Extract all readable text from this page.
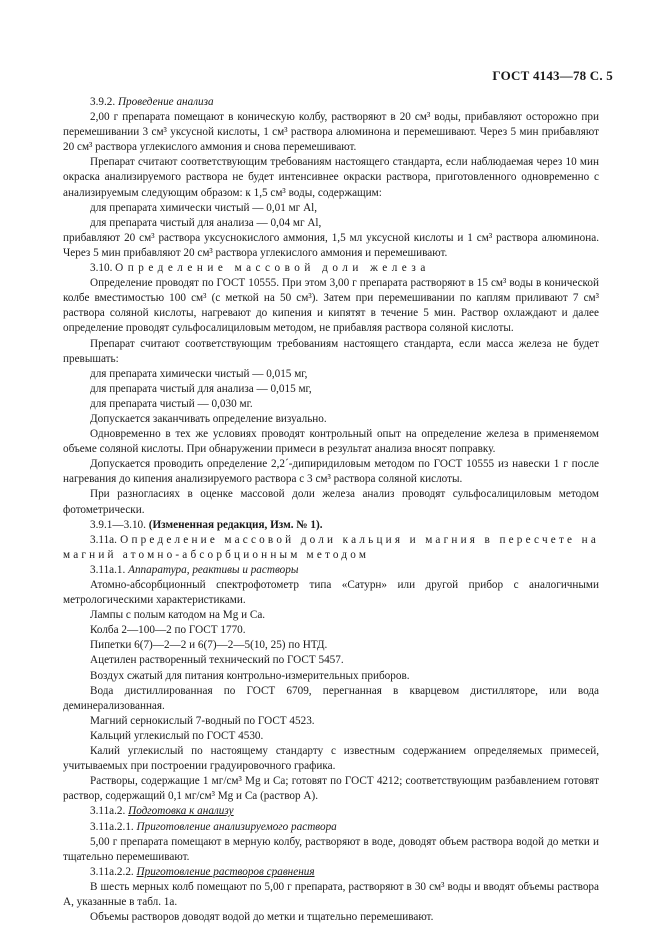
ГОСТ 4143—78 С. 5

3.9.2. Проведение анализа

2,00 г препарата помещают в коническую колбу, растворяют в 20 см³ воды, прибавляют осторожно при перемешивании 3 см³ уксусной кислоты, 1 см³ раствора алюминона и перемешивают. Через 5 мин прибавляют 20 см³ раствора углекислого аммония и снова перемешивают.

Препарат считают соответствующим требованиям настоящего стандарта, если наблюдаемая через 10 мин окраска анализируемого раствора не будет интенсивнее окраски раствора, приготовленного одновременно с анализируемым следующим образом: к 1,5 см³ воды, содержащим:

для препарата химически чистый — 0,01 мг Al,

для препарата чистый для анализа — 0,04 мг Al,

прибавляют 20 см³ раствора уксуснокислого аммония, 1,5 мл уксусной кислоты и 1 см³ раствора алюминона. Через 5 мин прибавляют 20 см³ раствора углекислого аммония и перемешивают.

3.10. Определение массовой доли железа

Определение проводят по ГОСТ 10555. При этом 3,00 г препарата растворяют в 15 см³ воды в конической колбе вместимостью 100 см³ (с меткой на 50 см³). Затем при перемешивании по каплям приливают 7 см³ раствора соляной кислоты, нагревают до кипения и кипятят в течение 5 мин. Раствор охлаждают и далее определение проводят сульфосалициловым методом, не прибавляя раствора соляной кислоты.

Препарат считают соответствующим требованиям настоящего стандарта, если масса железа не будет превышать:

для препарата химически чистый — 0,015 мг,

для препарата чистый для анализа — 0,015 мг,

для препарата чистый — 0,030 мг.

Допускается заканчивать определение визуально.

Одновременно в тех же условиях проводят контрольный опыт на определение железа в применяемом объеме соляной кислоты. При обнаружении примеси в результат анализа вносят поправку.

Допускается проводить определение 2,2´-дипиридиловым методом по ГОСТ 10555 из навески 1 г после нагревания до кипения анализируемого раствора с 3 см³ раствора соляной кислоты.

При разногласиях в оценке массовой доли железа анализ проводят сульфосалициловым методом фотометрически.

3.9.1—3.10. (Измененная редакция, Изм. № 1).

3.11а. Определение массовой доли кальция и магния в пересчете на магний атомно-абсорбционным методом

3.11а.1. Аппаратура, реактивы и растворы

Атомно-абсорбционный спектрофотометр типа «Сатурн» или другой прибор с аналогичными метрологическими характеристиками.

Лампы с полым катодом на Mg и Ca.

Колба 2—100—2 по ГОСТ 1770.

Пипетки 6(7)—2—2 и 6(7)—2—5(10, 25) по НТД.

Ацетилен растворенный технический по ГОСТ 5457.

Воздух сжатый для питания контрольно-измерительных приборов.

Вода дистиллированная по ГОСТ 6709, перегнанная в кварцевом дистилляторе, или вода деминерализованная.

Магний сернокислый 7-водный по ГОСТ 4523.

Кальций углекислый по ГОСТ 4530.

Калий углекислый по настоящему стандарту с известным содержанием определяемых примесей, учитываемых при построении градуировочного графика.

Растворы, содержащие 1 мг/см³ Mg и Ca; готовят по ГОСТ 4212; соответствующим разбавлением готовят раствор, содержащий 0,1 мг/см³ Mg и Ca (раствор А).

3.11а.2. Подготовка к анализу

3.11а.2.1. Приготовление анализируемого раствора

5,00 г препарата помещают в мерную колбу, растворяют в воде, доводят объем раствора водой до метки и тщательно перемешивают.

3.11а.2.2. Приготовление растворов сравнения

В шесть мерных колб помещают по 5,00 г препарата, растворяют в 30 см³ воды и вводят объемы раствора А, указанные в табл. 1а.

Объемы растворов доводят водой до метки и тщательно перемешивают.
